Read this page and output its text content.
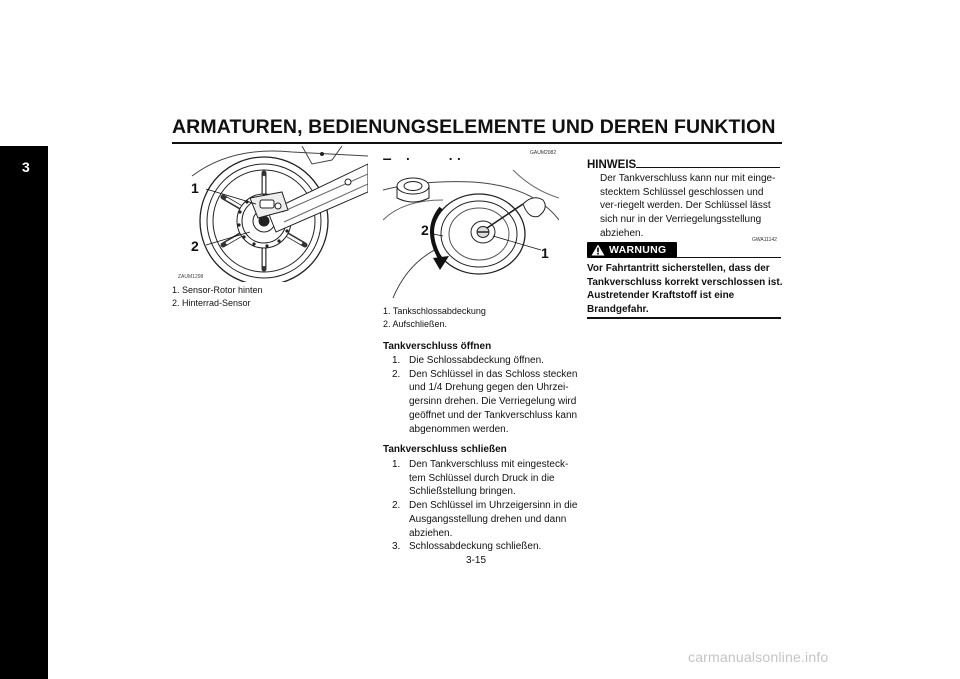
ARMATUREN, BEDIENUNGSELEMENTE UND DEREN FUNKTION
3
1
2
ZAUM1298
1. Sensor-Rotor hinten
2. Hinterrad-Sensor
GAUM2082
2
1
1. Tankschlossabdeckung
2. Aufschließen.
Tankverschluss öffnen
1. Die Schlossabdeckung öffnen.
2. Den Schlüssel in das Schloss stecken und 1/4 Drehung gegen den Uhrzei-gersinn drehen. Die Verriegelung wird geöffnet und der Tankverschluss kann abgenommen werden.
Tankverschluss schließen
1. Den Tankverschluss mit eingesteck-tem Schlüssel durch Druck in die Schließstellung bringen.
2. Den Schlüssel im Uhrzeigersinn in die Ausgangsstellung drehen und dann abziehen.
3. Schlossabdeckung schließen.
HINWEIS
Der Tankverschluss kann nur mit einge-stecktem Schlüssel geschlossen und ver-riegelt werden. Der Schlüssel lässt sich nur in der Verriegelungsstellung abziehen.
GWA11142
WARNUNG
Vor Fahrtantritt sicherstellen, dass der Tankverschluss korrekt verschlossen ist. Austretender Kraftstoff ist eine Brandgefahr.
3-15
carmanualsonline.info
